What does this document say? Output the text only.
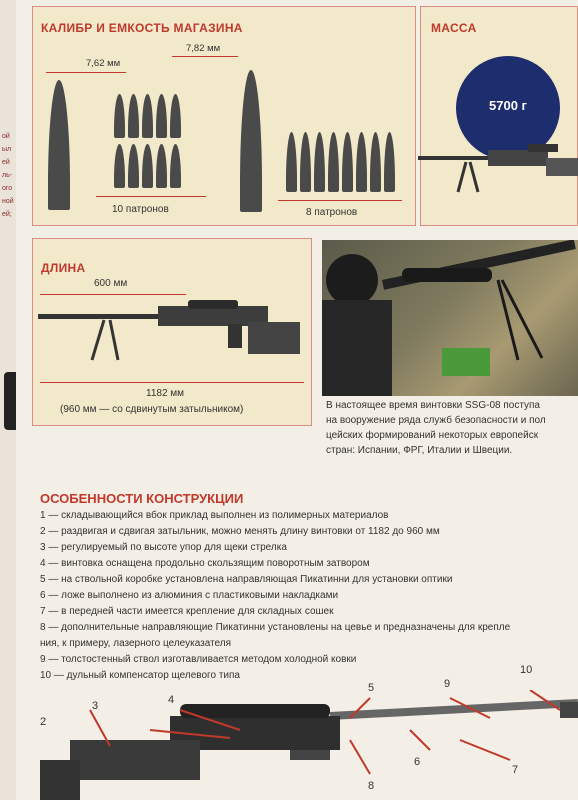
ой
ыл
ей
ль-
ого
ной
ей;
КАЛИБР И ЕМКОСТЬ МАГАЗИНА
7,62 мм
7,82 мм
10 патронов	8 патронов
МАССА
5700 г
ДЛИНА
600 мм
1182 мм
(960 мм — со сдвинутым затыльником)	В настоящее время винтовки SSG-08 поступа
на вооружение ряда служб безопасности и пол
цейских формирований некоторых европейск
стран: Испании, ФРГ, Италии и Швеции.
ОСОБЕННОСТИ КОНСТРУКЦИИ
1 — складывающийся вбок приклад выполнен из полимерных материалов
2 — раздвигая и сдвигая затыльник, можно менять длину винтовки от 1182 до 960 мм
3 — регулируемый по высоте упор для щеки стрелка
4 — винтовка оснащена продольно скользящим поворотным затвором
5 — на ствольной коробке установлена направляющая Пикатинни для установки оптики
6 — ложе выполнено из алюминия с пластиковыми накладками
7 — в передней части имеется крепление для складных сошек
8 — дополнительные направляющие Пикатинни установлены на цевье и предназначены для крепле
ния, к примеру, лазерного целеуказателя
9 — толстостенный ствол изготавливается методом холодной ковки
10 — дульный компенсатор щелевого типа	10
9
5
4
3
2
6
7
8
